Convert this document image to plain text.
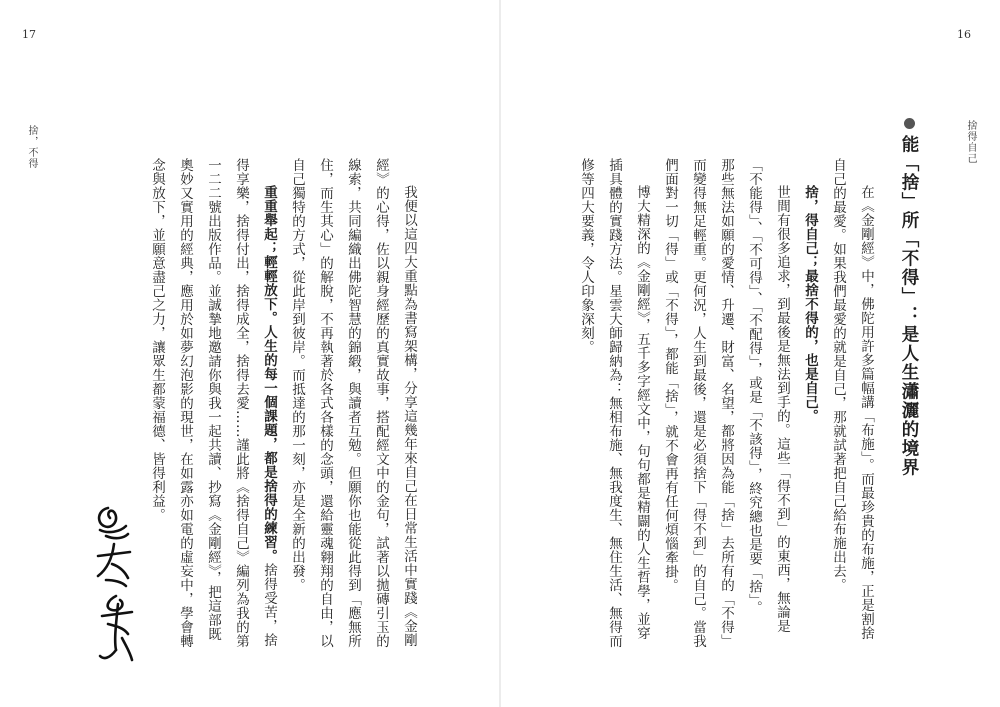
17	16
捨得自己
捨，不得	能「捨」所「不得」：是人生瀟灑的境界
在《金剛經》中，佛陀用許多篇幅講「布施」。而最珍貴的布施，正是割捨
自己的最愛。如果我們最愛的就是自己，那就試著把自己給布施出去。
捨，得自己；最捨不得的，也是自己。
世間有很多追求，到最後是無法到手的。這些「得不到」的東西，無論是
「不能得」、「不可得」、「不配得」，或是「不該得」，終究總也是要「捨」。
那些無法如願的愛情、升遷、財富、名望，都將因為能「捨」去所有的「不得」
而變得無足輕重。更何況，人生到最後，還是必須捨下「得不到」的自己。當我
們面對一切「得」或「不得」，都能「捨」，就不會再有任何煩惱牽掛。
博大精深的《金剛經》，五千多字經文中，句句都是精闢的人生哲學，並穿
插具體的實踐方法。星雲大師歸納為：無相布施、無我度生、無住生活、無得而
修等四大要義，令人印象深刻。
我便以這四大重點為書寫架構，分享這幾年來自己在日常生活中實踐《金剛
經》的心得，佐以親身經歷的真實故事，搭配經文中的金句，試著以拋磚引玉的
線索，共同編織出佛陀智慧的錦緞，與讀者互勉。但願你也能從此得到「應無所
住，而生其心」的解脫，不再執著於各式各樣的念頭，還給靈魂翱翔的自由，以
自己獨特的方式，從此岸到彼岸。而抵達的那一刻，亦是全新的出發。
重重舉起；輕輕放下。人生的每一個課題，都是捨得的練習。捨得受苦，捨
得享樂，捨得付出，捨得成全，捨得去愛……謹此將《捨得自己》編列為我的第
一二二號出版作品。並誠摯地邀請你與我一起共讀、抄寫《金剛經》，把這部既
奧妙又實用的經典，應用於如夢幻泡影的現世，在如露亦如電的虛妄中，學會轉
念與放下，並願意盡己之力，讓眾生都蒙福德、皆得利益。
